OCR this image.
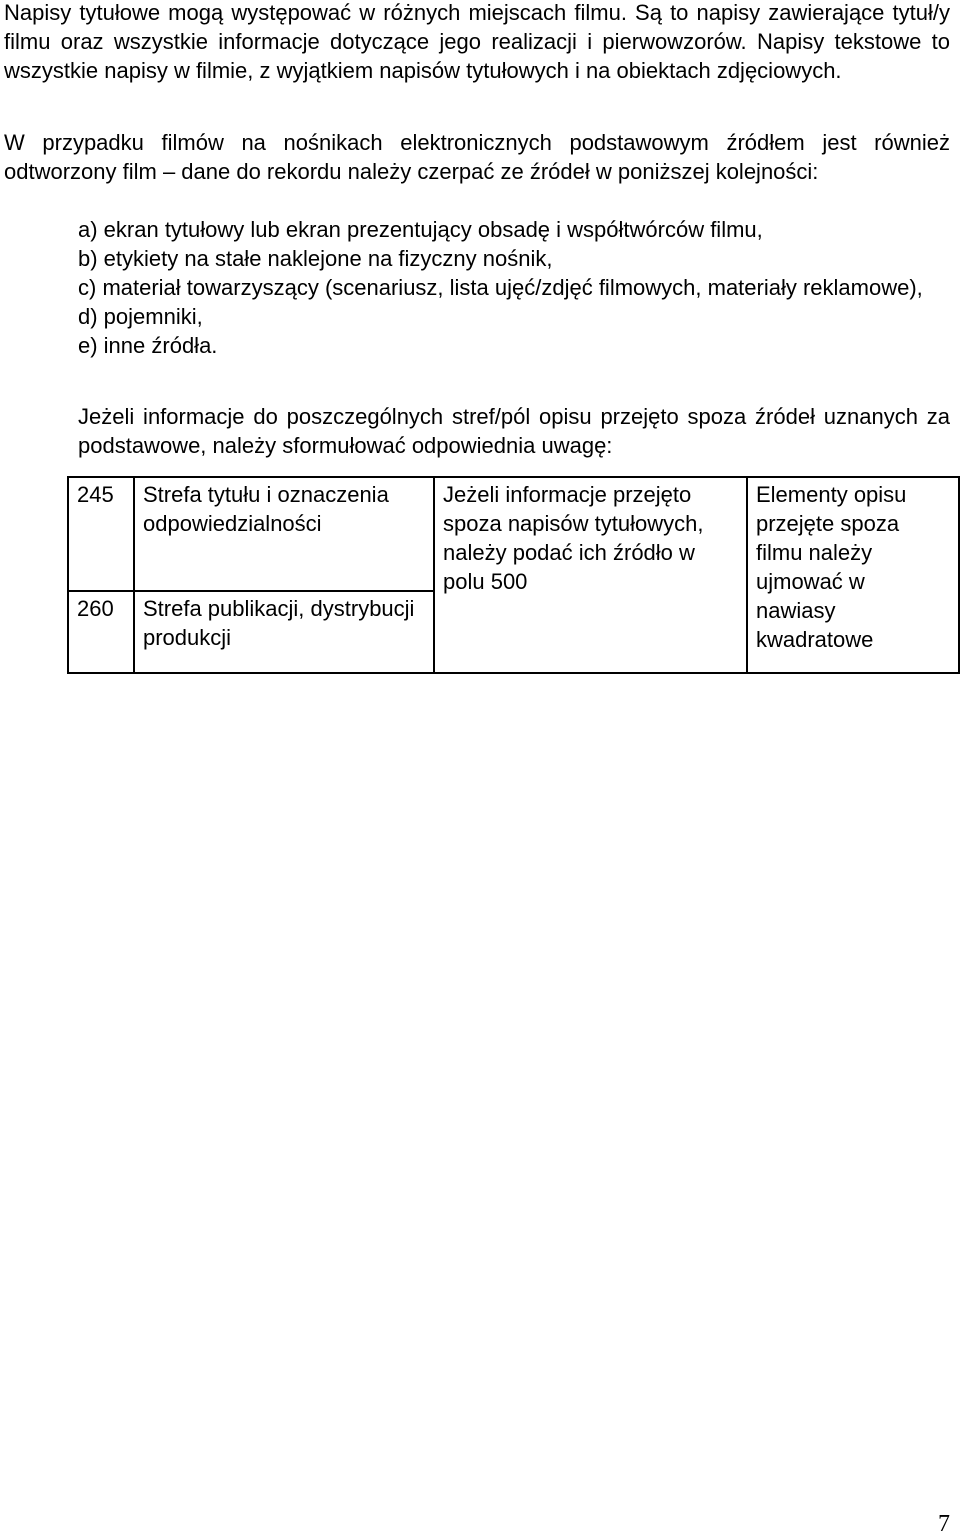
Napisy tytułowe mogą występować w różnych miejscach filmu. Są to napisy zawierające tytuł/y filmu oraz wszystkie informacje dotyczące jego realizacji i pierwowzorów. Napisy tekstowe to wszystkie napisy w filmie, z wyjątkiem napisów tytułowych i na obiektach zdjęciowych.

W przypadku filmów na nośnikach elektronicznych podstawowym źródłem jest również odtworzony film – dane do rekordu należy czerpać ze źródeł w poniższej kolejności:

a) ekran tytułowy lub ekran prezentujący obsadę i współtwórców filmu,
b) etykiety na stałe naklejone na fizyczny nośnik,
c) materiał towarzyszący (scenariusz, lista ujęć/zdjęć filmowych, materiały reklamowe),
d) pojemniki,
e) inne źródła.

Jeżeli informacje do poszczególnych stref/pól opisu przejęto spoza źródeł uznanych za podstawowe, należy sformułować odpowiednia uwagę:

245	Strefa tytułu i oznaczenia odpowiedzialności	Jeżeli informacje przejęto spoza napisów tytułowych, należy podać ich źródło w polu 500	Elementy opisu przejęte spoza filmu należy ujmować w nawiasy kwadratowe
260	Strefa publikacji, dystrybucji produkcji		
7
